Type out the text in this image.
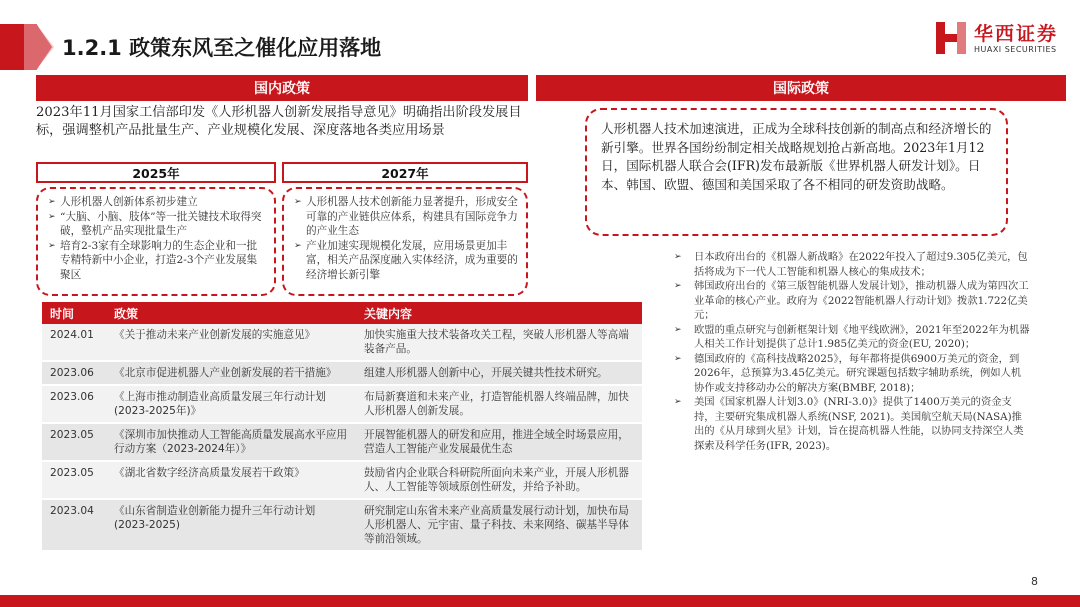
1.2.1 政策东风至之催化应用落地
华西证券
HUAXI SECURITIES
国内政策
2023年11月国家工信部印发《人形机器人创新发展指导意见》明确指出阶段发展目标，强调整机产品批量生产、产业规模化发展、深度落地各类应用场景
2025年	2027年
➢ 人形机器人创新体系初步建立
➢ “大脑、小脑、肢体”等一批关键技术取得突破，整机产品实现批量生产
➢ 培育2-3家有全球影响力的生态企业和一批专精特新中小企业，打造2-3个产业发展集聚区
➢ 人形机器人技术创新能力显著提升，形成安全可靠的产业链供应体系，构建具有国际竞争力的产业生态
➢ 产业加速实现规模化发展，应用场景更加丰富，相关产品深度融入实体经济，成为重要的经济增长新引擎
时间	政策	关键内容
2024.01	《关于推动未来产业创新发展的实施意见》	加快实施重大技术装备攻关工程，突破人形机器人等高端装备产品。
2023.06	《北京市促进机器人产业创新发展的若干措施》	组建人形机器人创新中心，开展关键共性技术研究。
2023.06	《上海市推动制造业高质量发展三年行动计划(2023-2025年)》	布局新赛道和未来产业，打造智能机器人终端品牌，加快人形机器人创新发展。
2023.05	《深圳市加快推动人工智能高质量发展高水平应用行动方案（2023-2024年）》	开展智能机器人的研发和应用，推进全域全时场景应用，营造人工智能产业发展最优生态
2023.05	《湖北省数字经济高质量发展若干政策》	鼓励省内企业联合科研院所面向未来产业，开展人形机器人、人工智能等领域原创性研发，并给予补助。
2023.04	《山东省制造业创新能力提升三年行动计划(2023-2025)	研究制定山东省未来产业高质量发展行动计划，加快布局人形机器人、元宇宙、量子科技、未来网络、碳基半导体等前沿领域。
国际政策
人形机器人技术加速演进，正成为全球科技创新的制高点和经济增长的新引擎。世界各国纷纷制定相关战略规划抢占新高地。2023年1月12日，国际机器人联合会(IFR)发布最新版《世界机器人研发计划》。日本、韩国、欧盟、德国和美国采取了各不相同的研发资助战略。
➢ 日本政府出台的《机器人新战略》在2022年投入了超过9.305亿美元，包括将成为下一代人工智能和机器人核心的集成技术；
➢ 韩国政府出台的《第三版智能机器人发展计划》，推动机器人成为第四次工业革命的核心产业。政府为《2022智能机器人行动计划》拨款1.722亿美元；
➢ 欧盟的重点研究与创新框架计划《地平线欧洲》，2021年至2022年为机器人相关工作计划提供了总计1.985亿美元的资金(EU, 2020)；
➢ 德国政府的《高科技战略2025》，每年都将提供6900万美元的资金，到2026年，总预算为3.45亿美元。研究课题包括数字辅助系统，例如人机协作或支持移动办公的解决方案(BMBF, 2018)；
➢ 美国《国家机器人计划3.0》(NRI-3.0)》提供了1400万美元的资金支持，主要研究集成机器人系统(NSF, 2021)。美国航空航天局(NASA)推出的《从月球到火星》计划，旨在提高机器人性能，以协同支持深空人类探索及科学任务(IFR, 2023)。
8
